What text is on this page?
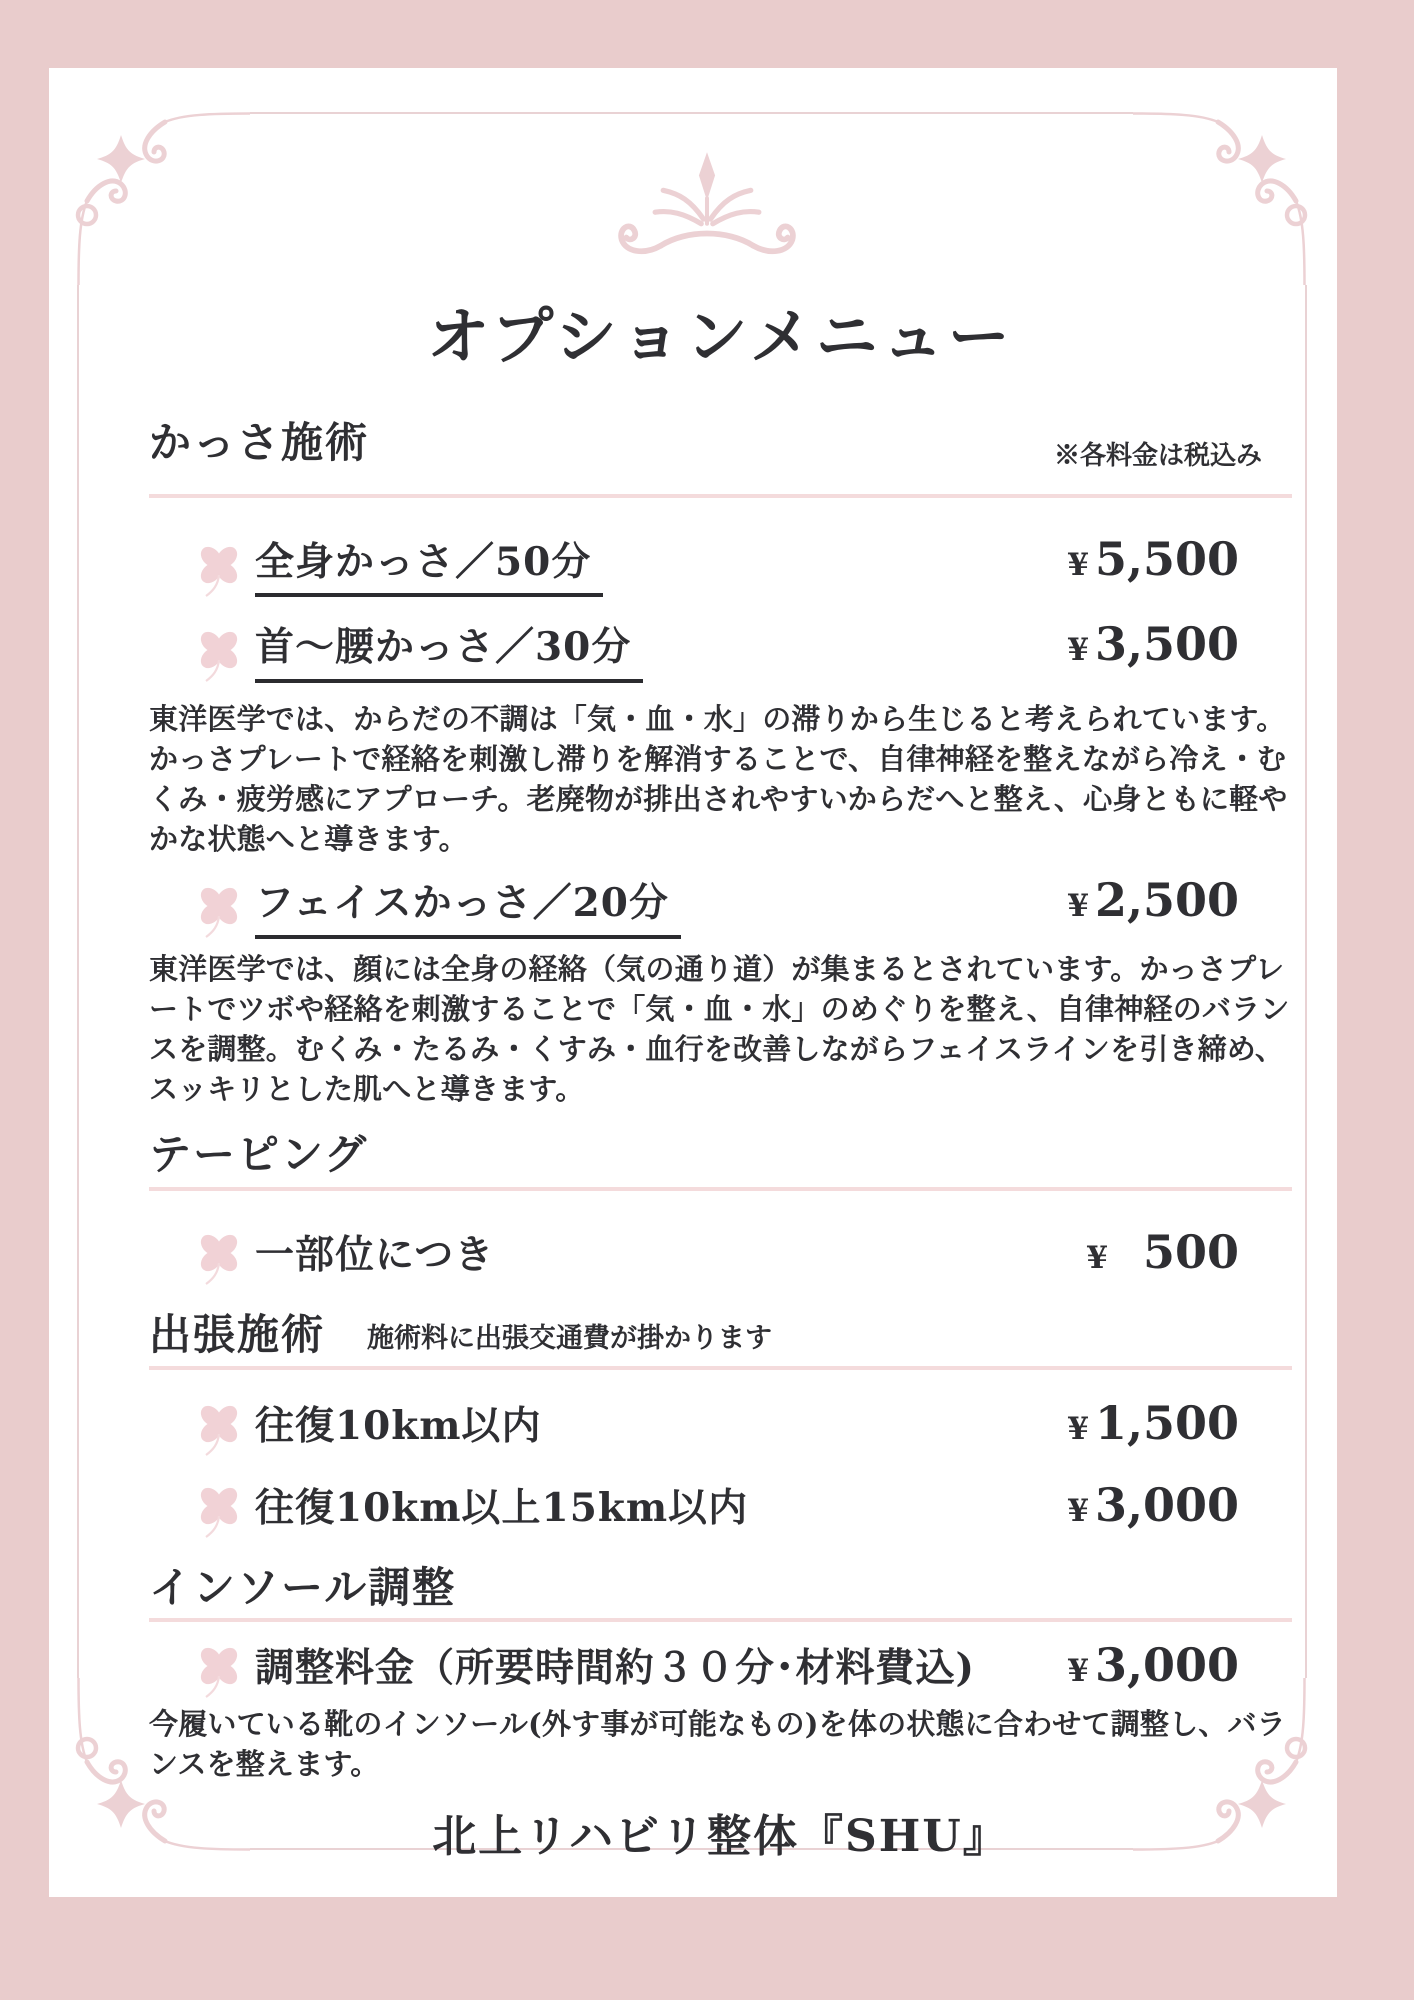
オプションメニュー
かっさ施術	※各料金は税込み
全身かっさ／50分	¥ 5,500
首〜腰かっさ／30分	¥ 3,500

東洋医学では、からだの不調は「気・血・水」の滞りから生じると考えられています。かっさプレートで経絡を刺激し滞りを解消することで、自律神経を整えながら冷え・むくみ・疲労感にアプローチ。老廃物が排出されやすいからだへと整え、心身ともに軽やかな状態へと導きます。

フェイスかっさ／20分	¥ 2,500

東洋医学では、顔には全身の経絡（気の通り道）が集まるとされています。かっさプレートでツボや経絡を刺激することで「気・血・水」のめぐりを整え、自律神経のバランスを調整。むくみ・たるみ・くすみ・血行を改善しながらフェイスラインを引き締め、スッキリとした肌へと導きます。

テーピング
一部位につき	¥ 500
出張施術 施術料に出張交通費が掛かります
往復10km以内	¥ 1,500
往復10km以上15km以内	¥ 3,000
インソール調整
調整料金（所要時間約３０分･材料費込)	¥ 3,000

今履いている靴のインソール(外す事が可能なもの)を体の状態に合わせて調整し、バランスを整えます。

北上リハビリ整体『SHU』
